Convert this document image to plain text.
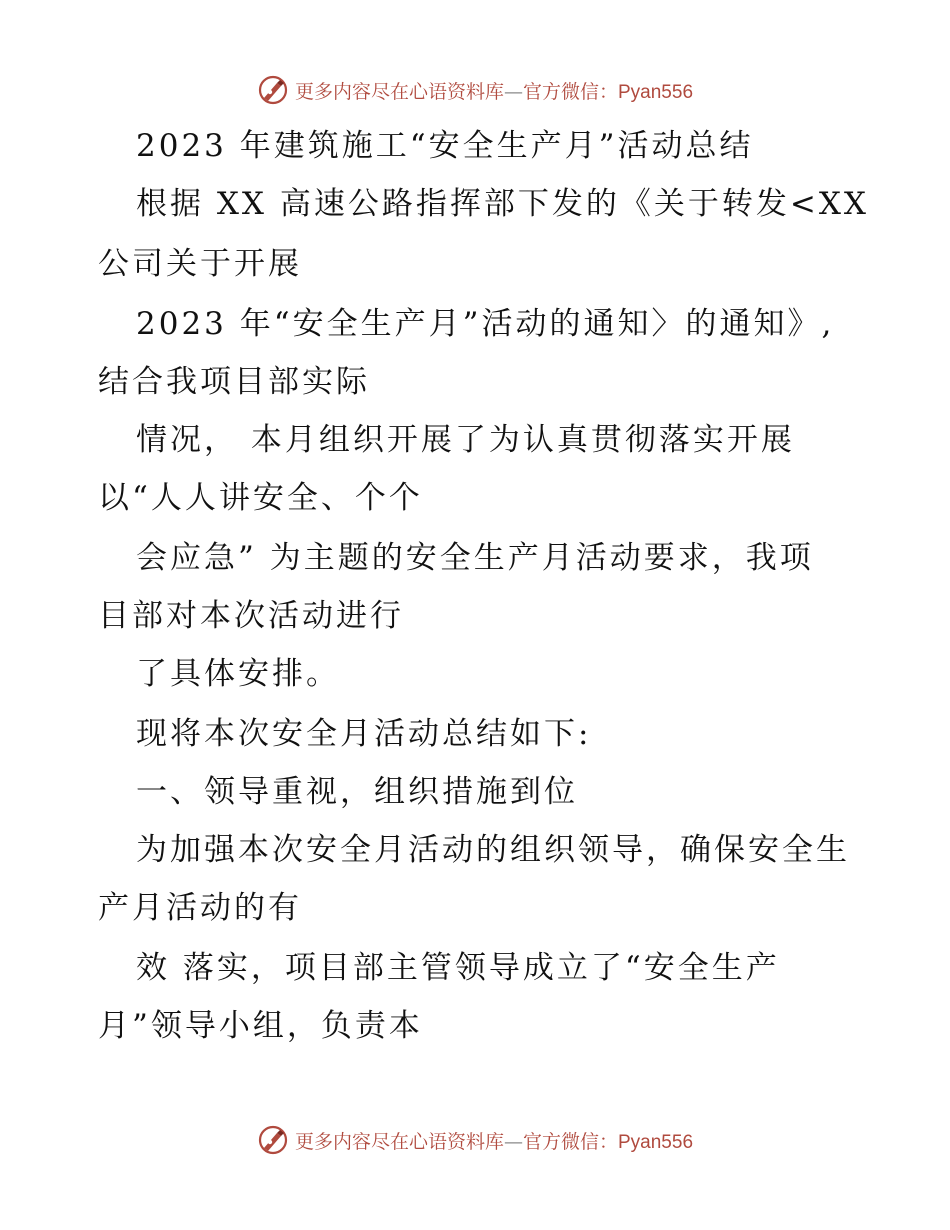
更多内容尽在心语资料库—官方微信：Pyan556
2023 年建筑施工“安全生产月”活动总结
根据 XX 高速公路指挥部下发的《关于转发<XX
公司关于开展
2023 年“安全生产月”活动的通知〉的通知》,
结合我项目部实际
情况， 本月组织开展了为认真贯彻落实开展
以“人人讲安全、个个
会应急” 为主题的安全生产月活动要求，我项
目部对本次活动进行
了具体安排。
现将本次安全月活动总结如下:
一、领导重视，组织措施到位
为加强本次安全月活动的组织领导，确保安全生
产月活动的有
效 落实，项目部主管领导成立了“安全生产
月”领导小组，负责本
更多内容尽在心语资料库—官方微信：Pyan556
